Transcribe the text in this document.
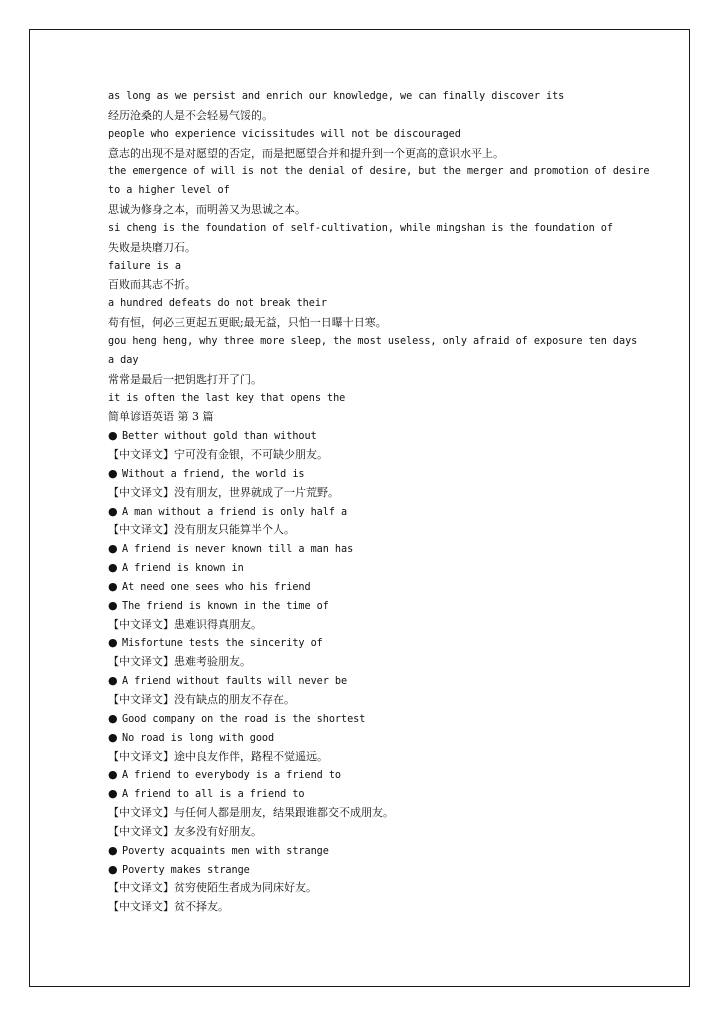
as long as we persist and enrich our knowledge, we can finally discover its

经历沧桑的人是不会轻易气馁的。

people who experience vicissitudes will not be discouraged

意志的出现不是对愿望的否定，而是把愿望合并和提升到一个更高的意识水平上。

the emergence of will is not the denial of desire, but the merger and promotion of desire

to a higher level of

思诚为修身之本，而明善又为思诚之本。

si cheng is the foundation of self-cultivation, while mingshan is the foundation of

失败是块磨刀石。

failure is a

百败而其志不折。

a hundred defeats do not break their

苟有恒，何必三更起五更眠;最无益，只怕一日曝十日寒。

gou heng heng, why three more sleep, the most useless, only afraid of exposure ten days

a day

常常是最后一把钥匙打开了门。

it is often the last key that opens the

简单谚语英语 第 3 篇

● Better without gold than without

【中文译文】宁可没有金银，不可缺少朋友。

● Without a friend, the world is

【中文译文】没有朋友，世界就成了一片荒野。

● A man without a friend is only half a

【中文译文】没有朋友只能算半个人。

● A friend is never known till a man has

● A friend is known in

● At need one sees who his friend

● The friend is known in the time of

【中文译文】患难识得真朋友。

● Misfortune tests the sincerity of

【中文译文】患难考验朋友。

● A friend without faults will never be

【中文译文】没有缺点的朋友不存在。

● Good company on the road is the shortest

● No road is long with good

【中文译文】途中良友作伴，路程不觉遥远。

● A friend to everybody is a friend to

● A friend to all is a friend to

【中文译文】与任何人都是朋友，结果跟谁都交不成朋友。

【中文译文】友多没有好朋友。

● Poverty acquaints men with strange

● Poverty makes strange

【中文译文】贫穷使陌生者成为同床好友。

【中文译文】贫不择友。
